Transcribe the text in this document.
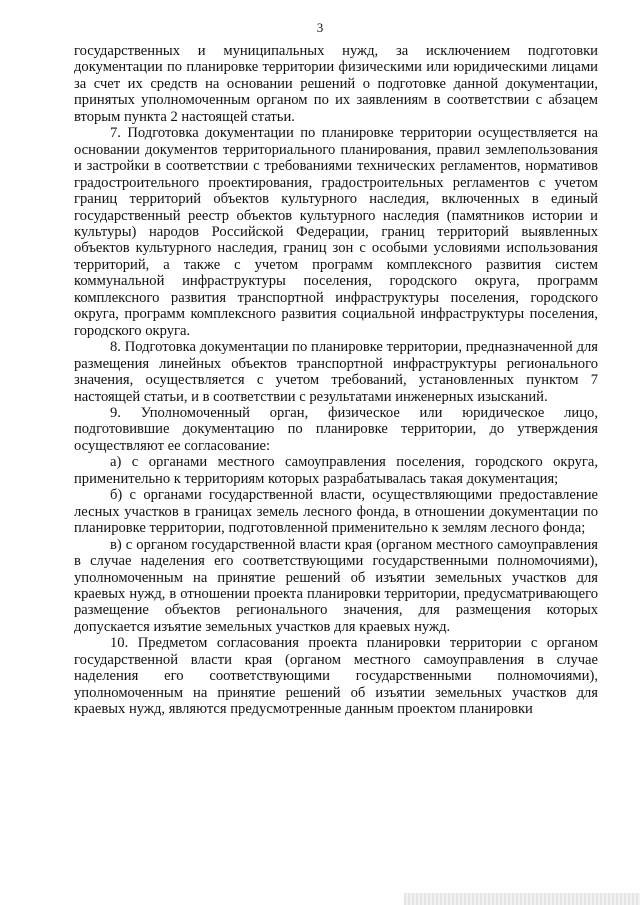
3

государственных и муниципальных нужд, за исключением подготовки документации по планировке территории физическими или юридическими лицами за счет их средств на основании решений о подготовке данной документации, принятых уполномоченным органом по их заявлениям в соответствии с абзацем вторым пункта 2 настоящей статьи.

7. Подготовка документации по планировке территории осуществляется на основании документов территориального планирования, правил землепользования и застройки в соответствии с требованиями технических регламентов, нормативов градостроительного проектирования, градостроительных регламентов с учетом границ территорий объектов культурного наследия, включенных в единый государственный реестр объектов культурного наследия (памятников истории и культуры) народов Российской Федерации, границ территорий выявленных объектов культурного наследия, границ зон с особыми условиями использования территорий, а также с учетом программ комплексного развития систем коммунальной инфраструктуры поселения, городского округа, программ комплексного развития транспортной инфраструктуры поселения, городского округа, программ комплексного развития социальной инфраструктуры поселения, городского округа.

8. Подготовка документации по планировке территории, предназначенной для размещения линейных объектов транспортной инфраструктуры регионального значения, осуществляется с учетом требований, установленных пунктом 7 настоящей статьи, и в соответствии с результатами инженерных изысканий.

9. Уполномоченный орган, физическое или юридическое лицо, подготовившие документацию по планировке территории, до утверждения осуществляют ее согласование:

а) с органами местного самоуправления поселения, городского округа, применительно к территориям которых разрабатывалась такая документация;

б) с органами государственной власти, осуществляющими предоставление лесных участков в границах земель лесного фонда, в отношении документации по планировке территории, подготовленной применительно к землям лесного фонда;

в) с органом государственной власти края (органом местного самоуправления в случае наделения его соответствующими государственными полномочиями), уполномоченным на принятие решений об изъятии земельных участков для краевых нужд, в отношении проекта планировки территории, предусматривающего размещение объектов регионального значения, для размещения которых допускается изъятие земельных участков для краевых нужд.

10. Предметом согласования проекта планировки территории с органом государственной власти края (органом местного самоуправления в случае наделения его соответствующими государственными полномочиями), уполномоченным на принятие решений об изъятии земельных участков для краевых нужд, являются предусмотренные данным проектом планировки
